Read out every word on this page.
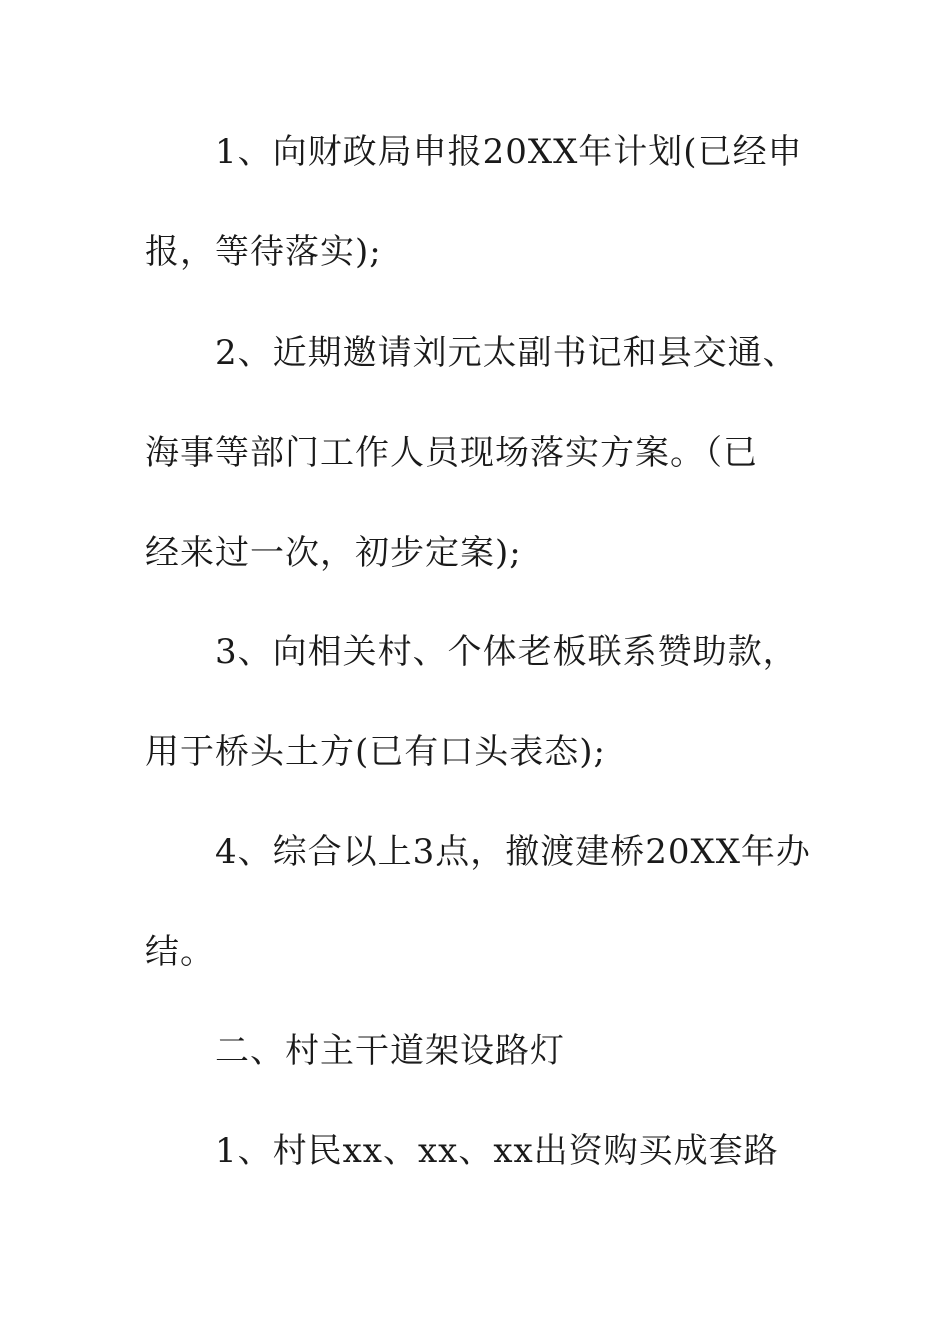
1、向财政局申报20XX年计划(已经申
报，等待落实);
2、近期邀请刘元太副书记和县交通、
海事等部门工作人员现场落实方案。（已
经来过一次，初步定案);
3、向相关村、个体老板联系赞助款，
用于桥头土方(已有口头表态);
4、综合以上3点，撤渡建桥20XX年办
结。
二、村主干道架设路灯
1、村民xx、xx、xx出资购买成套路
